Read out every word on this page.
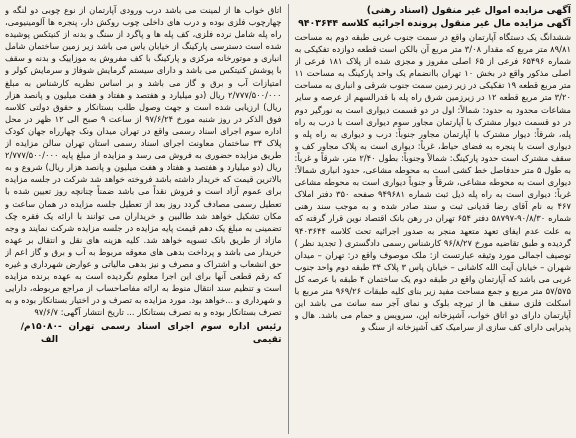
آگهی مزایده اموال غیر منقول (اسناد رهنی)

آگهی مزایده مال غیر منقول پرونده اجرائیه کلاسه ۹۴۰۳۶۴۴

ششدانگ یک دستگاه آپارتمان واقع در سمت جنوب غربی طبقه دوم به مساحت ۸۹/۸۱ متر مربع که مقدار ۳/۰۸ متر مربع آن بالکن است قطعه دوازده تفکیکی به شماره ۶۵۴۹۶ فرعی از ۶۵ اصلی مفروز و مجزی شده از پلاک ۱۸۱ فرعی از اصلی مذکور واقع در بخش ۱۰ تهران باانضمام یک واحد پارکینگ به مساحت ۱۱ متر مربع قطعه ۱۹ تفکیکی در زیر زمین سمت جنوب شرقی و انباری به مساحت ۳/۲۰ متر مربع قطعه ۱۲ در زیرزمین شرق راه پله با قدرالسهم از عرصه و سایر مشاعات محدود به حدود: شمالاً: اول در دو قسمت دیواری است به نورگیر دوم در دو قسمت دیوار مشترک با آپارتمان مجاور سوم دیواری است با درب به راه پله، شرقاً: دیوار مشترک با آپارتمان مجاور جنوباً: درب و دیواری به راه پله و دیواری است با پنجره به فضای حیاط، غرباً: دیواری است به پلاک مجاور کف و سقف مشترک است حدود پارکینگ: شمالاً وجنوباً: بطول ۲/۴۰ متر، شرقاً و غرباً: به طول ۵ متر حدفاصل خط کشی است به محوطه مشاعی، حدود انباری شمالاً: دیواری است به محوطه مشاعی، شرقاً و جنوباً دیواری است به محوطه مشاعی غرباً: دیواری است به راه پله ذیل ثبت شماره ۹۴۹۶۸۱ صفحه ۳۵۰ دفتر املاک ۴۶۷ به نام آقای رضا قدیانی ثبت و سند صادر شده و به موجب سند رهنی شماره ۹۰/۸/۳۰-۵۸۷۹۷ دفتر ۶۵۴ تهران در رهن بانک اقتصاد نوین قرار گرفته که به علت عدم ایفای تعهد متعهد منجر به صدور اجرائیه تحت کلاسه ۹۴۰۳۶۴۴ گردیده و طبق تقاضیه مورخ ۹۶/۸/۲۷ کارشناس رسمی دادگستری ( تجدید نظر ) توصیف اجمالی مورد وثیقه عبارتست از: ملک موصوف واقع در: تهران – میدان شهران – خیابان آیت الله کاشانی – خیابان پاس ۳ پلاک ۳۴ طبقه دوم واحد جنوب غربی می باشد که آپارتمان واقع در طبقه دوم یک ساختمان ۴ طبقه با عرصه کل ۵۷/۵۷۵ متر مربع و جمع مساحت مفید زیر بنای کلیه طبقات ۹۶۹/۲۶ متر مربع با اسکلت فلزی سقف ها از تیرچه بلوک و نمای آجر سه سانت می باشد این آپارتمان دارای دو اتاق خواب، آشپزخانه اپن، سرویس و حمام می باشد. هال و پذیرایی دارای کف سازی از سرامیک کف آشپزخانه از سنگ و

اتاق خواب ها از لمینت می باشد درب ورودی آپارتمان از نوع چوبی دو لنگه و چهارچوب فلزی بوده و درب های داخلی چوب روکش دار، پنجره ها آلومینیومی، راه پله شامل نرده فلزی، کف پله ها و پاگرد از سنگ و بدنه از کنیتکس پوشیده شده است دسترسی پارکینگ از خیابان یاس می باشد زیر زمین ساختمان شامل انباری و موتورخانه مرکزی و پارکینگ با کف مفروش به موزاییک و بدنه و سقف با پوشش کنیتکس می باشد و دارای سیستم گرمایش شوفاژ و سرمایش کولر و امتیازات آب و برق و گاز می باشد و بر اساس نظریه کارشناس به مبلغ ۲/۷۷۷/۵۰۰/۰۰۰ ریال (دو میلیارد و هفتصد و هفتاد و هفت میلیون و پانصد هزار ریال) ارزیابی شده است و جهت وصول طلب بستانکار و حقوق دولتی کلاسه فوق الذکر در روز شنبه مورخ ۹۷/۶/۲۴ از ساعت ۹ صبح الی ۱۲ ظهر در محل اداره سوم اجرای اسناد رسمی واقع در تهران میدان ونک چهارراه جهان کودک پلاک ۳۴ ساختمان معاونت اجرای اسناد رسمی استان تهران سالن مزایده از طریق مزایده حضوری به فروش می رسد و مزایده از مبلغ پایه ۲/۷۷۷/۵۰۰/۰۰۰ ریال (دو میلیارد و هفتصد و هفتاد و هفت میلیون و پانصد هزار ریال) شروع و به بالاترین قیمت که خریدار داشته باشد فروخته خواهد شد شرکت در جلسه مزایده برای عموم آزاد است و فروش نقداً می باشد ضمناً چنانچه روز تعیین شده با تعطیل رسمی مصادف گردد روز بعد از تعطیل جلسه مزایده در همان ساعت و مکان تشکیل خواهد شد طالبین و خریداران می توانند با ارائه یک فقره چک تضمینی به مبلغ یک دهم قیمت پایه مزایده در جلسه مزایده شرکت نمایند و وجه مازاد از طریق بانک تسویه خواهد شد. کلیه هزینه های نقل و انتقال بر عهده خریدار می باشد و پرداخت بدهی های معوقه مربوط به آب و برق و گاز اعم از حق انشعاب و اشتراک و مصرف و نیز بدهی مالیاتی و عوارض شهرداری و غیره که رقم قطعی آنها برای این اجرا معلوم نگردیده است به عهده برنده مزایده است و تنظیم سند انتقال منوط به ارائه مفاصاحساب از مراجع مربوطه، دارایی و شهرداری و ...خواهد بود. مورد مزایده به تصرف و در اختیار بستانکار بوده و به تصرف بستانکار بوده و به تصرف بستانکار ... تاریخ انتشار آگهی: ۹۷/۶/۷

رئیس اداره سوم اجرای اسناد رسمی تهران - تقیمی
۱۵۰۸۰م/الف
